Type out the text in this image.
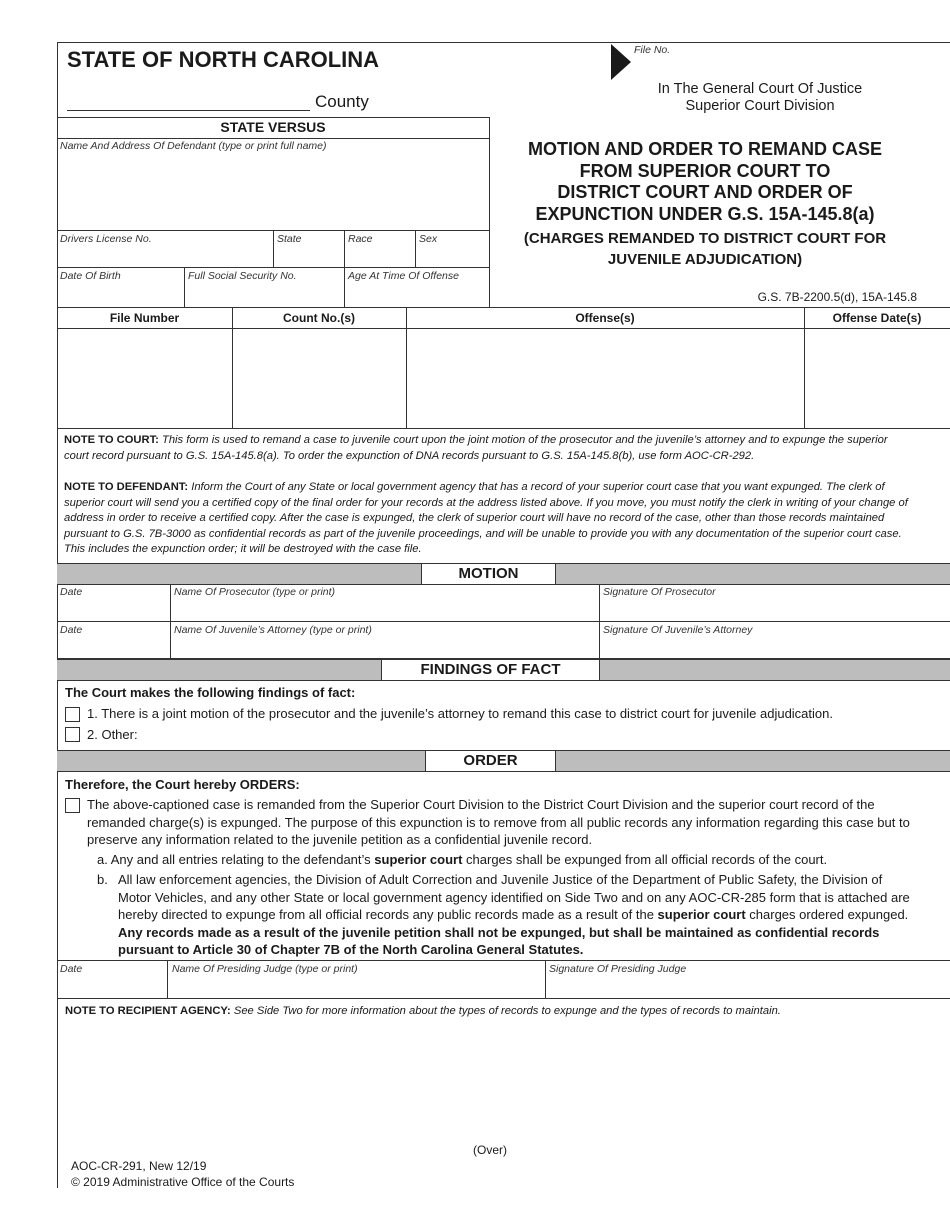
STATE OF NORTH CAROLINA
County
File No.
In The General Court Of Justice
Superior Court Division
STATE VERSUS
Name And Address Of Defendant (type or print full name)
Drivers License No.	State	Race	Sex
Date Of Birth	Full Social Security No.	Age At Time Of Offense
MOTION AND ORDER TO REMAND CASE
FROM SUPERIOR COURT TO
DISTRICT COURT AND ORDER OF
EXPUNCTION UNDER G.S. 15A-145.8(a)
(CHARGES REMANDED TO DISTRICT COURT FOR
JUVENILE ADJUDICATION)
G.S. 7B-2200.5(d), 15A-145.8
File Number	Count No.(s)	Offense(s)	Offense Date(s)
NOTE TO COURT: This form is used to remand a case to juvenile court upon the joint motion of the prosecutor and the juvenile’s attorney and to expunge the superior court record pursuant to G.S. 15A-145.8(a). To order the expunction of DNA records pursuant to G.S. 15A-145.8(b), use form AOC-CR-292.
NOTE TO DEFENDANT: Inform the Court of any State or local government agency that has a record of your superior court case that you want expunged. The clerk of superior court will send you a certified copy of the final order for your records at the address listed above. If you move, you must notify the clerk in writing of your change of address in order to receive a certified copy. After the case is expunged, the clerk of superior court will have no record of the case, other than those records maintained pursuant to G.S. 7B-3000 as confidential records as part of the juvenile proceedings, and will be unable to provide you with any documentation of the superior court case. This includes the expunction order; it will be destroyed with the case file.
MOTION
Date	Name Of Prosecutor (type or print)	Signature Of Prosecutor
Date	Name Of Juvenile’s Attorney (type or print)	Signature Of Juvenile’s Attorney
FINDINGS OF FACT
The Court makes the following findings of fact:
1. There is a joint motion of the prosecutor and the juvenile’s attorney to remand this case to district court for juvenile adjudication.
2. Other:
ORDER
Therefore, the Court hereby ORDERS:
The above-captioned case is remanded from the Superior Court Division to the District Court Division and the superior court record of the remanded charge(s) is expunged. The purpose of this expunction is to remove from all public records any information regarding this case but to preserve any information related to the juvenile petition as a confidential juvenile record.
a. Any and all entries relating to the defendant’s superior court charges shall be expunged from all official records of the court.
b. All law enforcement agencies, the Division of Adult Correction and Juvenile Justice of the Department of Public Safety, the Division of Motor Vehicles, and any other State or local government agency identified on Side Two and on any AOC-CR-285 form that is attached are hereby directed to expunge from all official records any public records made as a result of the superior court charges ordered expunged. Any records made as a result of the juvenile petition shall not be expunged, but shall be maintained as confidential records pursuant to Article 30 of Chapter 7B of the North Carolina General Statutes.
Date	Name Of Presiding Judge (type or print)	Signature Of Presiding Judge
NOTE TO RECIPIENT AGENCY: See Side Two for more information about the types of records to expunge and the types of records to maintain.
(Over)
AOC-CR-291, New 12/19
© 2019 Administrative Office of the Courts
